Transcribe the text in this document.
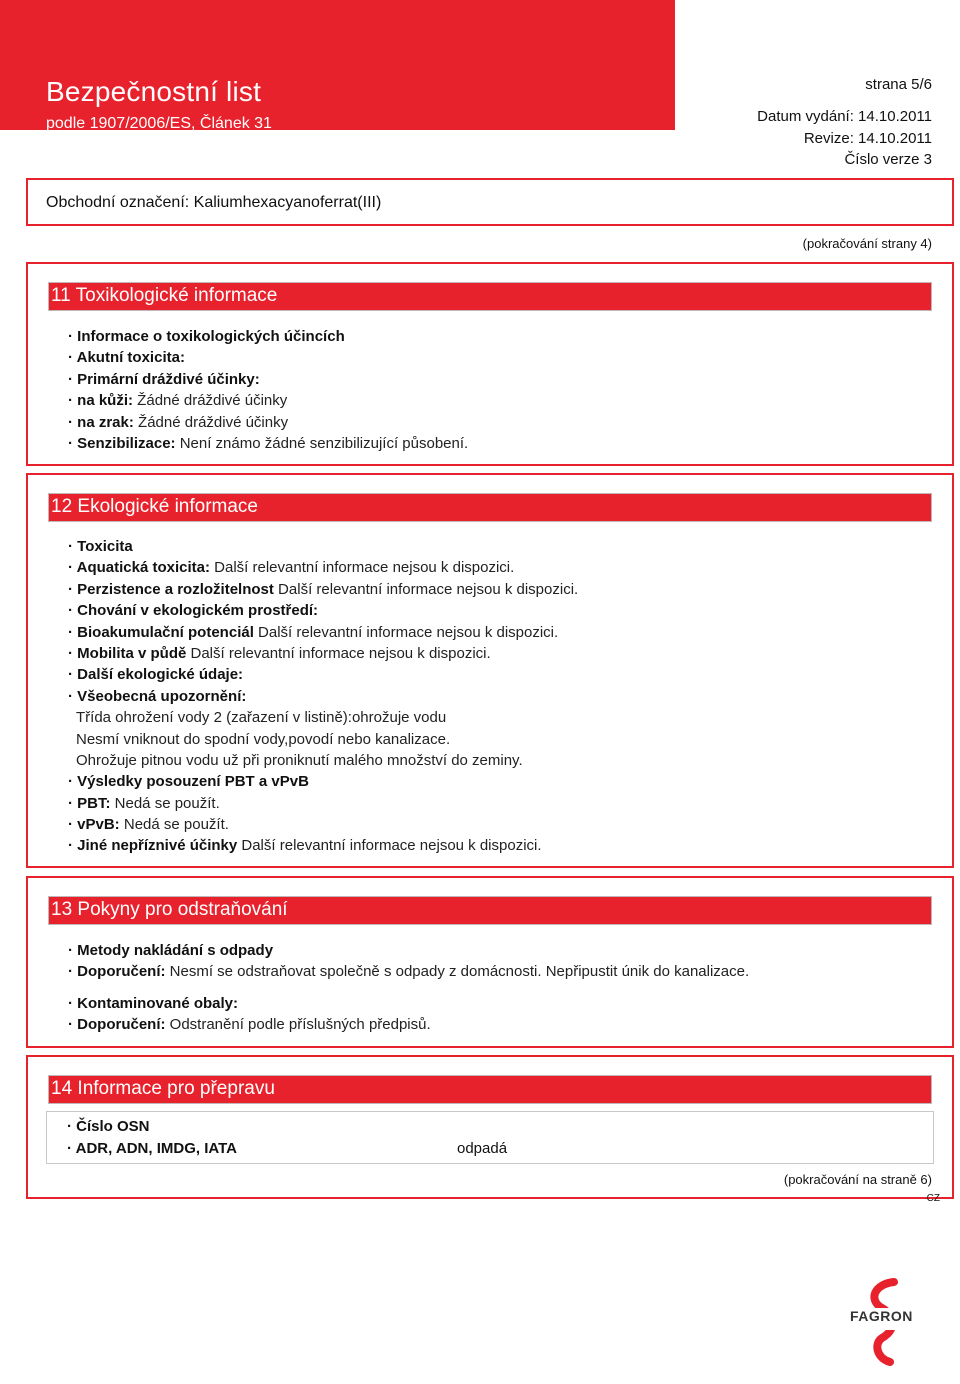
Bezpečnostní list
podle 1907/2006/ES, Článek 31
strana 5/6
Datum vydání: 14.10.2011
Revize: 14.10.2011
Číslo verze 3
Obchodní označení: Kaliumhexacyanoferrat(III)
(pokračování strany 4)
11 Toxikologické informace
· Informace o toxikologických účincích
· Akutní toxicita:
· Primární dráždivé účinky:
· na kůži: Žádné dráždivé účinky
· na zrak: Žádné dráždivé účinky
· Senzibilizace: Není známo žádné senzibilizující působení.
12 Ekologické informace
· Toxicita
· Aquatická toxicita: Další relevantní informace nejsou k dispozici.
· Perzistence a rozložitelnost Další relevantní informace nejsou k dispozici.
· Chování v ekologickém prostředí:
· Bioakumulační potenciál Další relevantní informace nejsou k dispozici.
· Mobilita v půdě Další relevantní informace nejsou k dispozici.
· Další ekologické údaje:
· Všeobecná upozornění:
Třída ohrožení vody 2 (zařazení v listině):ohrožuje vodu
Nesmí vniknout do spodní vody,povodí nebo kanalizace.
Ohrožuje pitnou vodu už při proniknutí malého množství do zeminy.
· Výsledky posouzení PBT a vPvB
· PBT: Nedá se použít.
· vPvB: Nedá se použít.
· Jiné nepříznivé účinky Další relevantní informace nejsou k dispozici.
13 Pokyny pro odstraňování
· Metody nakládání s odpady
· Doporučení: Nesmí se odstraňovat společně s odpady z domácnosti. Nepřipustit únik do kanalizace.
· Kontaminované obaly:
· Doporučení: Odstranění podle příslušných předpisů.
14 Informace pro přepravu
· Číslo OSN
· ADR, ADN, IMDG, IATA	odpadá
(pokračování na straně 6)
CZ
FAGRON
